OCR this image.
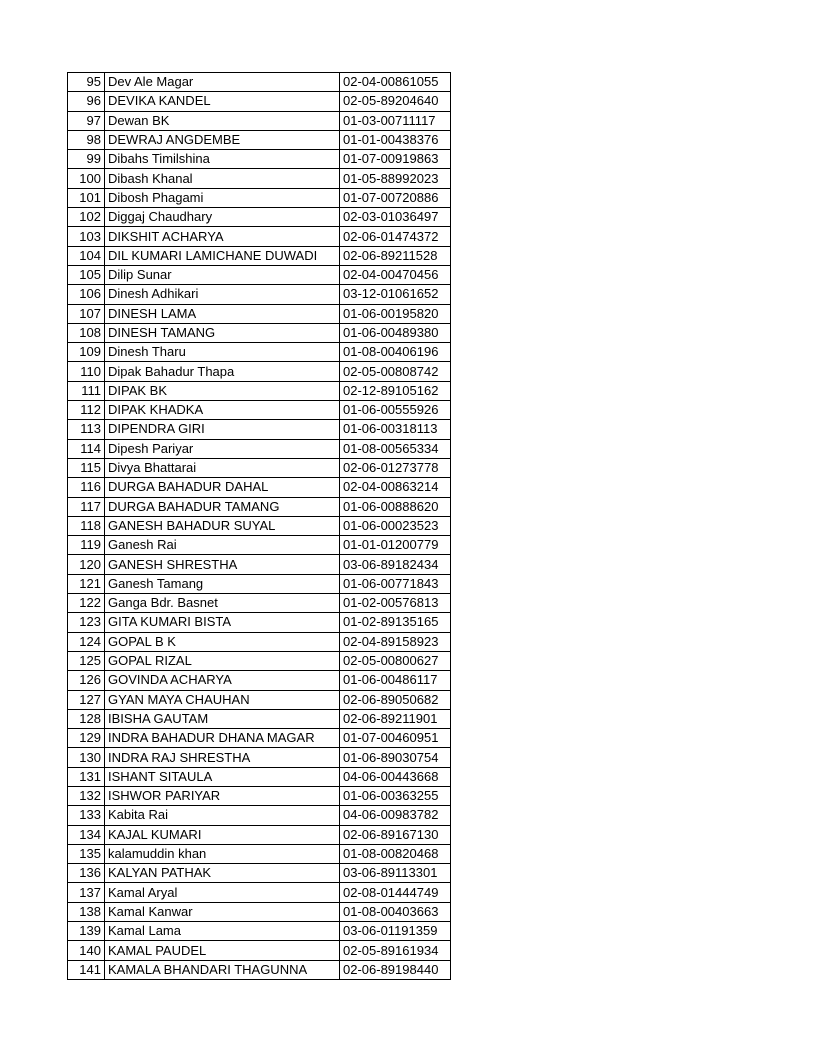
95	Dev Ale Magar	02-04-00861055
96	DEVIKA KANDEL	02-05-89204640
97	Dewan BK	01-03-00711117
98	DEWRAJ ANGDEMBE	01-01-00438376
99	Dibahs Timilshina	01-07-00919863
100	Dibash Khanal	01-05-88992023
101	Dibosh Phagami	01-07-00720886
102	Diggaj Chaudhary	02-03-01036497
103	DIKSHIT ACHARYA	02-06-01474372
104	DIL KUMARI LAMICHANE DUWADI	02-06-89211528
105	Dilip Sunar	02-04-00470456
106	Dinesh Adhikari	03-12-01061652
107	DINESH LAMA	01-06-00195820
108	DINESH TAMANG	01-06-00489380
109	Dinesh Tharu	01-08-00406196
110	Dipak Bahadur Thapa	02-05-00808742
111	DIPAK BK	02-12-89105162
112	DIPAK KHADKA	01-06-00555926
113	DIPENDRA GIRI	01-06-00318113
114	Dipesh Pariyar	01-08-00565334
115	Divya Bhattarai	02-06-01273778
116	DURGA BAHADUR DAHAL	02-04-00863214
117	DURGA BAHADUR TAMANG	01-06-00888620
118	GANESH BAHADUR SUYAL	01-06-00023523
119	Ganesh Rai	01-01-01200779
120	GANESH SHRESTHA	03-06-89182434
121	Ganesh Tamang	01-06-00771843
122	Ganga Bdr. Basnet	01-02-00576813
123	GITA KUMARI BISTA	01-02-89135165
124	GOPAL B K	02-04-89158923
125	GOPAL RIZAL	02-05-00800627
126	GOVINDA ACHARYA	01-06-00486117
127	GYAN MAYA CHAUHAN	02-06-89050682
128	IBISHA GAUTAM	02-06-89211901
129	INDRA BAHADUR DHANA MAGAR	01-07-00460951
130	INDRA RAJ SHRESTHA	01-06-89030754
131	ISHANT SITAULA	04-06-00443668
132	ISHWOR PARIYAR	01-06-00363255
133	Kabita Rai	04-06-00983782
134	KAJAL KUMARI	02-06-89167130
135	kalamuddin khan	01-08-00820468
136	KALYAN PATHAK	03-06-89113301
137	Kamal Aryal	02-08-01444749
138	Kamal Kanwar	01-08-00403663
139	Kamal Lama	03-06-01191359
140	KAMAL PAUDEL	02-05-89161934
141	KAMALA BHANDARI THAGUNNA	02-06-89198440
